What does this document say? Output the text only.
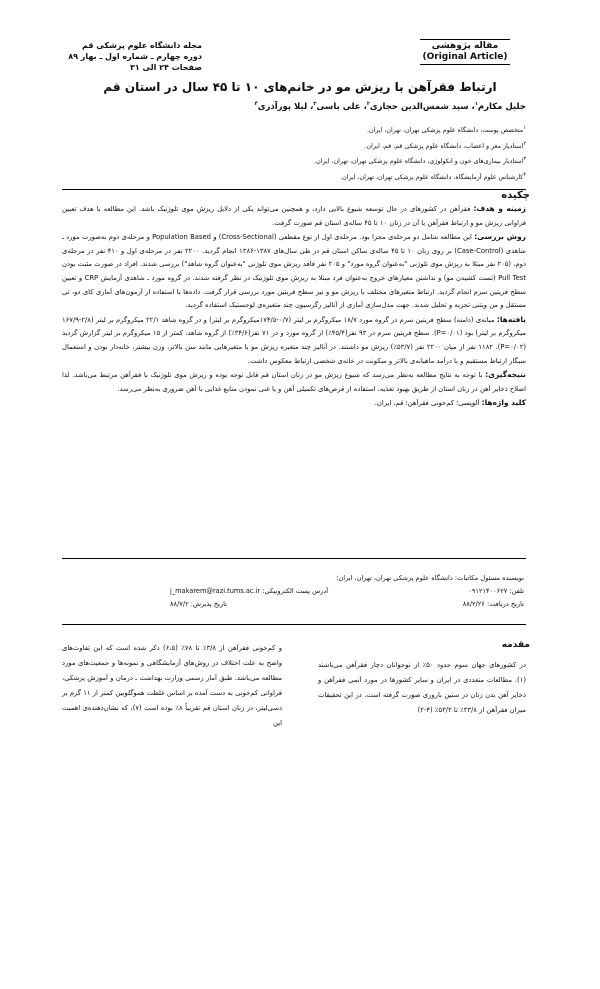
مجله دانشگاه علوم پزشکی قم
دوره چهارم ـ شماره اول ـ بهار ۸۹
صفحات ۲۴ الی ۳۱
مقاله پژوهشی
(Original Article)
ارتباط فقرآهن با ریزش مو در خانم‌های ۱۰ تا ۴۵ سال در استان قم
جلیل مکارم$^۱$، سید شمس‌الدین حجازی$^۲$، علی باسی$^۳$، لیلا پورآذری$^۴$
$^۱$متخصص پوست، دانشگاه علوم پزشکی تهران، تهران، ایران.
$^۲$استادیار مغز و اعصاب، دانشگاه علوم پزشکی قم، قم، ایران.
$^۳$استادیار بیماری‌های خون و انکولوژی، دانشگاه علوم پزشکی تهران، تهران، ایران.
$^۴$کارشناس علوم آزمایشگاه، دانشگاه علوم پزشکی تهران، تهران، ایران.
چکیده

زمینه و هدف: فقرآهن در کشورهای در حال توسعه شیوع بالایی دارد، و همچنین می‌تواند یکی از دلایل ریزش موی تلوژنیک باشد. این مطالعه با هدف تعیین فراوانی ریزش مو و ارتباط فقرآهن با آن در زنان ۱۰ تا ۴۵ ساله‌ی استان قم صورت گرفت.

روش بررسی: این مطالعه شامل دو مرحله‌ی مجزا بود. مرحله‌ی اول از نوع مقطعی (Cross-Sectional) و Population Based و مرحله‌ی دوم به‌صورت مورد ـ شاهدی (Case-Control) بر روی زنان ۱۰ تا ۴۵ ساله‌ی ساکن استان قم در طی سال‌های ۱۳۸۷-۱۳۸۶ انجام گردید. ۲۲۰۰ نفر در مرحله‌ی اول و ۴۱۰ نفر در مرحله‌ی دوم، (۲۰۵ نفر مبتلا به ریزش موی تلوژنی "به‌عنوان گروه مورد" و ۲۰۵ نفر فاقد ریزش موی تلوژنی "به‌عنوان گروه شاهد") بررسی شدند. افراد در صورت مثبت بودن Pull Test (تست کشیدن مو) و نداشتن معیارهای خروج به‌عنوان فرد مبتلا به ریزش موی تلوژنیک در نظر گرفته شدند. در گروه مورد ـ شاهدی آزمایش CRP و تعیین سطح فریتین سرم انجام گردید. ارتباط متغیرهای مختلف با ریزش مو و نیز سطح فریتین مورد بررسی قرار گرفت. داده‌ها با استفاده از آزمون‌های آماری کای دو، تی مستقل و من ویتنی تجزیه و تحلیل شدند. جهت مدل‌سازی آماری از آنالیز رگرسیون چند متغیره‌ی لوجستیک استفاده گردید.

یافته‌ها: میانه‌ی (دامنه) سطح فریتین سرم در گروه مورد ۱۸/۷ میکروگرم بر لیتر (۰/۷-۱۷۴/۵میکروگرم بر لیتر) و در گروه شاهد ۲۲/۱ میکروگرم بر لیتر (۲/۸-۱۶۷/۹ میکروگرم بر لیتر) بود (P=۰/۰۱). سطح فریتین سرم در ۹۳ نفر(۴۵/۴٪) از گروه مورد و در ۷۱ نفر(۳۴/۶٪) از گروه شاهد، کمتر از ۱۵ میکروگرم بر لیتر گزارش گردید (P=۰/۰۲). ۱۱۸۲ نفر از میان ۲۲۰۰ نفر (۵۳/۷٪) ریزش مو داشتند. در آنالیز چند متغیره ریزش مو با متغیرهایی مانند سن بالاتر، وزن بیشتر، خانه‌دار بودن و استعمال سیگار ارتباط مستقیم و با درآمد ماهیانه‌ی بالاتر و سکونت در خانه‌ی شخصی ارتباط معکوس داشت.

نتیجه‌گیری: با توجه به نتایج مطالعه به‌نظر می‌رسد که شیوع ریزش مو در زنان استان قم قابل توجه بوده و ریزش موی تلوژنیک با فقرآهن مرتبط می‌باشد. لذا اصلاح ذخایر آهن در زنان استان از طریق بهبود تغذیه، استفاده از قرص‌های تکمیلی آهن و یا غنی نمودن منابع غذایی با آهن ضروری به‌نظر می‌رسد.

کلید واژه‌ها: آلوپسی؛ کم‌خونی فقرآهن؛ قم، ایران.

نویسنده مسئول مکاتبات: دانشگاه علوم پزشکی تهران، تهران، ایران؛
تلفن: ۰۹۱۲۱۴۰۰۶۲۷
آدرس پست الکترونیکی: j_makarem@razi.tums.ac.ir
تاریخ دریافت: ۸۸/۲/۲۶
تاریخ پذیرش: ۸۸/۷/۲
مقدمه
در کشورهای جهان سوم حدود ۵۰٪ از نوجوانان دچار فقرآهن می‌باشند (۱). مطالعات متعددی در ایران و سایر کشورها در مورد آنمی فقرآهن و ذخایر آهن بدن زنان در سنین باروری صورت گرفته است. در این تحقیقات میزان فقرآهن از ۲۳/۸٪ تا ۵۳/۲٪ (۴-۲)
و کم‌خونی فقرآهن از ۳/۸٪ تا ۷۸٪ (۶،۵) ذکر شده است که این تفاوت‌های واضح به علت اختلاف در روش‌های آزمایشگاهی و نمونه‌ها و جمعیت‌های مورد مطالعه می‌باشد. طبق آمار رسمی وزارت بهداشت ـ درمان و آموزش پزشکی، فراوانی کم‌خونی به دست آمده بر اساس غلظت هموگلوبین کمتر از ۱۱ گرم بر دسی‌لیتر، در زنان استان قم تقریباً ۸٪ بوده است (۷)، که نشان‌دهنده‌ی اهمیت این
